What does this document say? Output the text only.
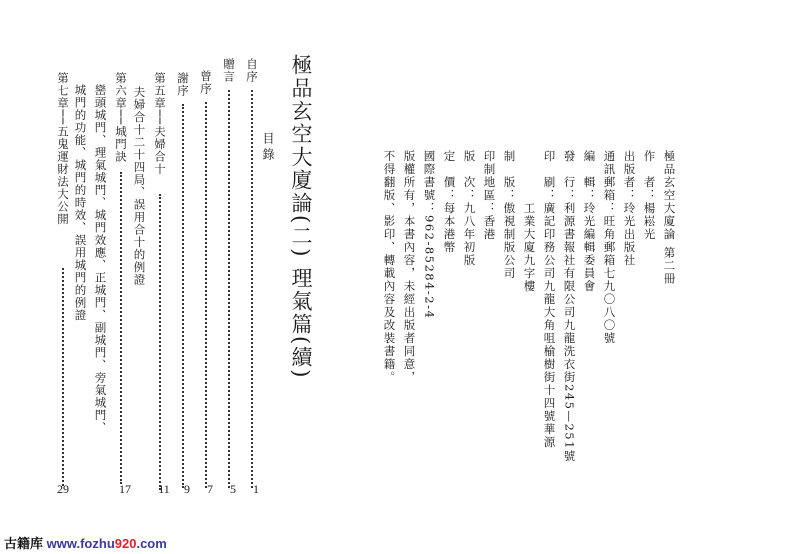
極品玄空大廈論(二) 理氣篇(續)
目錄
自序
1
贈言
5
曾序
7
謝序
9
第五章──夫婦合十
11
夫婦合十二十四局、誤用合十的例證
第六章──城門訣
17
巒頭城門、理氣城門、城門效應、正城門、副城門、旁氣城門、
城門的功能、城門的時效、誤用城門的例證
第七章──五鬼運財法大公開
29
極品玄空大廈論 第二冊
作　者：楊崧光
出版者：玲光出版社
通訊郵箱：旺角郵箱七九〇八〇號
編　輯：玲光編輯委員會
發　行：利源書報社有限公司九龍洗衣街245—251號
印　刷：廣記印務公司九龍大角咀榆樹街十四號華源
　　　　工業大廈九字樓
制　版：傲視制版公司
印制地區：香港
版　次：九八年初版
定　價：每本港幣
國際書號：962-85284-2-4
版權所有，本書內容，未經出版者同意，
不得翻版、影印、轉載內容及改裝書籍。
古籍库 www.fozhu920.com
